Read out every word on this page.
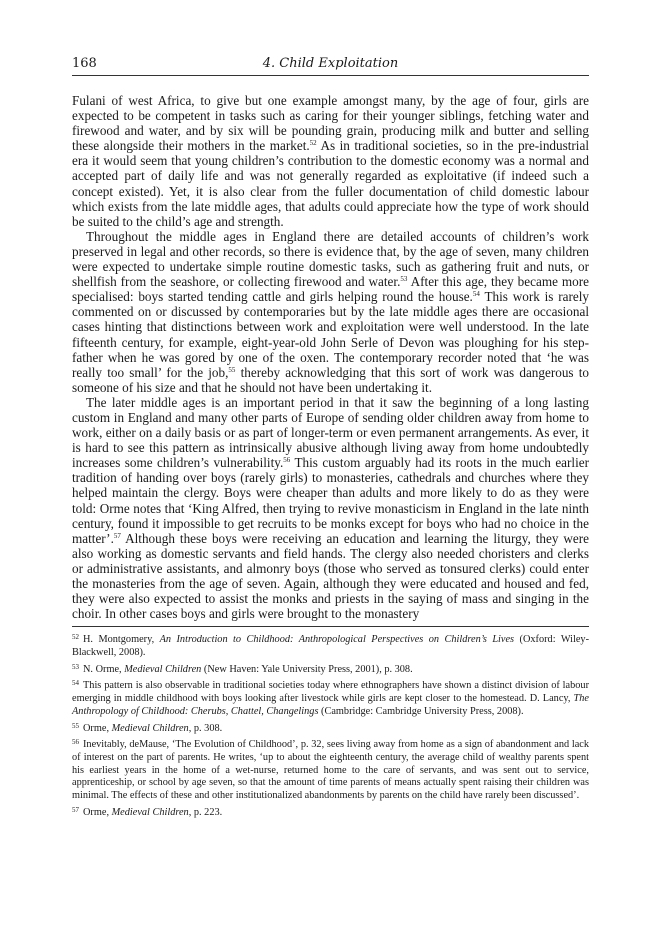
168	4. Child Exploitation

Fulani of west Africa, to give but one example amongst many, by the age of four, girls are expected to be competent in tasks such as caring for their younger siblings, fetching water and firewood and water, and by six will be pounding grain, producing milk and butter and selling these alongside their mothers in the market.$^{52}$ As in traditional societies, so in the pre-industrial era it would seem that young children’s contribution to the domestic economy was a normal and accepted part of daily life and was not generally regarded as exploitative (if indeed such a concept existed). Yet, it is also clear from the fuller documentation of child domestic labour which exists from the late middle ages, that adults could appreciate how the type of work should be suited to the child’s age and strength.

Throughout the middle ages in England there are detailed accounts of children’s work preserved in legal and other records, so there is evidence that, by the age of seven, many children were expected to undertake simple routine domestic tasks, such as gathering fruit and nuts, or shellfish from the seashore, or collecting firewood and water.$^{53}$ After this age, they became more specialised: boys started tending cattle and girls helping round the house.$^{54}$ This work is rarely commented on or discussed by contemporaries but by the late middle ages there are occasional cases hinting that distinctions between work and exploitation were well understood. In the late fifteenth century, for example, eight-year-old John Serle of Devon was ploughing for his step-father when he was gored by one of the oxen. The contemporary recorder noted that ‘he was really too small’ for the job,$^{55}$ thereby acknowledging that this sort of work was dangerous to someone of his size and that he should not have been undertaking it.

The later middle ages is an important period in that it saw the beginning of a long lasting custom in England and many other parts of Europe of sending older children away from home to work, either on a daily basis or as part of longer-term or even permanent arrangements. As ever, it is hard to see this pattern as intrinsically abusive although living away from home undoubtedly increases some children’s vulnerability.$^{56}$ This custom arguably had its roots in the much earlier tradition of handing over boys (rarely girls) to monasteries, cathedrals and churches where they helped maintain the clergy. Boys were cheaper than adults and more likely to do as they were told: Orme notes that ‘King Alfred, then trying to revive monasticism in England in the late ninth century, found it impossible to get recruits to be monks except for boys who had no choice in the matter’.$^{57}$ Although these boys were receiving an education and learning the liturgy, they were also working as domestic servants and field hands. The clergy also needed choristers and clerks or administrative assistants, and almonry boys (those who served as tonsured clerks) could enter the monasteries from the age of seven. Again, although they were educated and housed and fed, they were also expected to assist the monks and priests in the saying of mass and singing in the choir. In other cases boys and girls were brought to the monastery

$^{52}$ H. Montgomery, An Introduction to Childhood: Anthropological Perspectives on Children’s Lives (Oxford: Wiley-Blackwell, 2008).
$^{53}$ N. Orme, Medieval Children (New Haven: Yale University Press, 2001), p. 308.
$^{54}$ This pattern is also observable in traditional societies today where ethnographers have shown a distinct division of labour emerging in middle childhood with boys looking after livestock while girls are kept closer to the homestead. D. Lancy, The Anthropology of Childhood: Cherubs, Chattel, Changelings (Cambridge: Cambridge University Press, 2008).
$^{55}$ Orme, Medieval Children, p. 308.
$^{56}$ Inevitably, deMause, ‘The Evolution of Childhood’, p. 32, sees living away from home as a sign of abandonment and lack of interest on the part of parents. He writes, ‘up to about the eighteenth century, the average child of wealthy parents spent his earliest years in the home of a wet-nurse, returned home to the care of servants, and was sent out to service, apprenticeship, or school by age seven, so that the amount of time parents of means actually spent raising their children was minimal. The effects of these and other institutionalized abandonments by parents on the child have rarely been discussed’.
$^{57}$ Orme, Medieval Children, p. 223.
